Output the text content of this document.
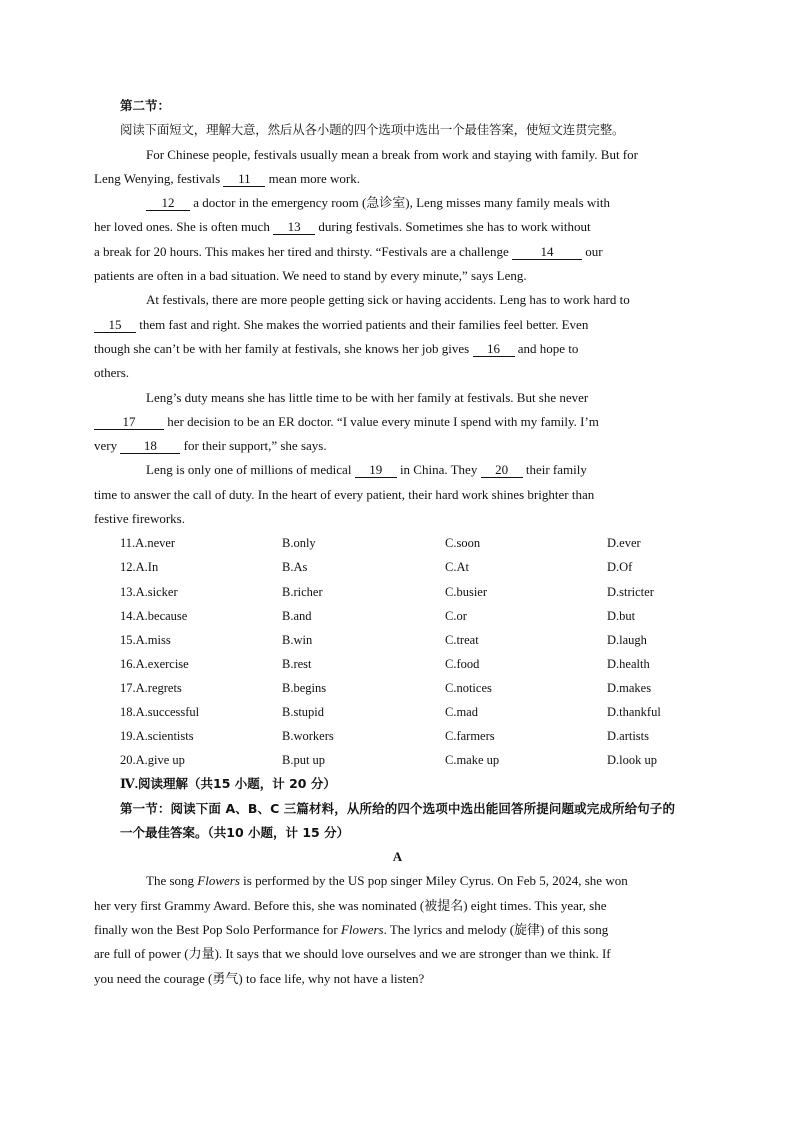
第二节：
阅读下面短文，理解大意，然后从各小题的四个选项中选出一个最佳答案，使短文连贯完整。
For Chinese people, festivals usually mean a break from work and staying with family. But for
Leng Wenying, festivals 11 mean more work.
12 a doctor in the emergency room (急诊室), Leng misses many family meals with
her loved ones. She is often much 13 during festivals. Sometimes she has to work without
a break for 20 hours. This makes her tired and thirsty. “Festivals are a challenge 14 our
patients are often in a bad situation. We need to stand by every minute,” says Leng.
At festivals, there are more people getting sick or having accidents. Leng has to work hard to
15 them fast and right. She makes the worried patients and their families feel better. Even
though she can’t be with her family at festivals, she knows her job gives 16 and hope to
others.
Leng’s duty means she has little time to be with her family at festivals. But she never
17 her decision to be an ER doctor. “I value every minute I spend with my family. I’m
very 18 for their support,” she says.
Leng is only one of millions of medical 19 in China. They 20 their family
time to answer the call of duty. In the heart of every patient, their hard work shines brighter than
festive fireworks.
11.A.never	B.only	C.soon	D.ever
12.A.In	B.As	C.At	D.Of
13.A.sicker	B.richer	C.busier	D.stricter
14.A.because	B.and	C.or	D.but
15.A.miss	B.win	C.treat	D.laugh
16.A.exercise	B.rest	C.food	D.health
17.A.regrets	B.begins	C.notices	D.makes
18.A.successful	B.stupid	C.mad	D.thankful
19.A.scientists	B.workers	C.farmers	D.artists
20.A.give up	B.put up	C.make up	D.look up
Ⅳ.阅读理解（共15 小题，计 20 分）

第一节：阅读下面 A、B、C 三篇材料，从所给的四个选项中选出能回答所提问题或完成所给句子的一个最佳答案。（共10 小题，计 15 分）

A
The song Flowers is performed by the US pop singer Miley Cyrus. On Feb 5, 2024, she won
her very first Grammy Award. Before this, she was nominated (被提名) eight times. This year, she
finally won the Best Pop Solo Performance for Flowers. The lyrics and melody (旋律) of this song
are full of power (力量). It says that we should love ourselves and we are stronger than we think. If
you need the courage (勇气) to face life, why not have a listen?
